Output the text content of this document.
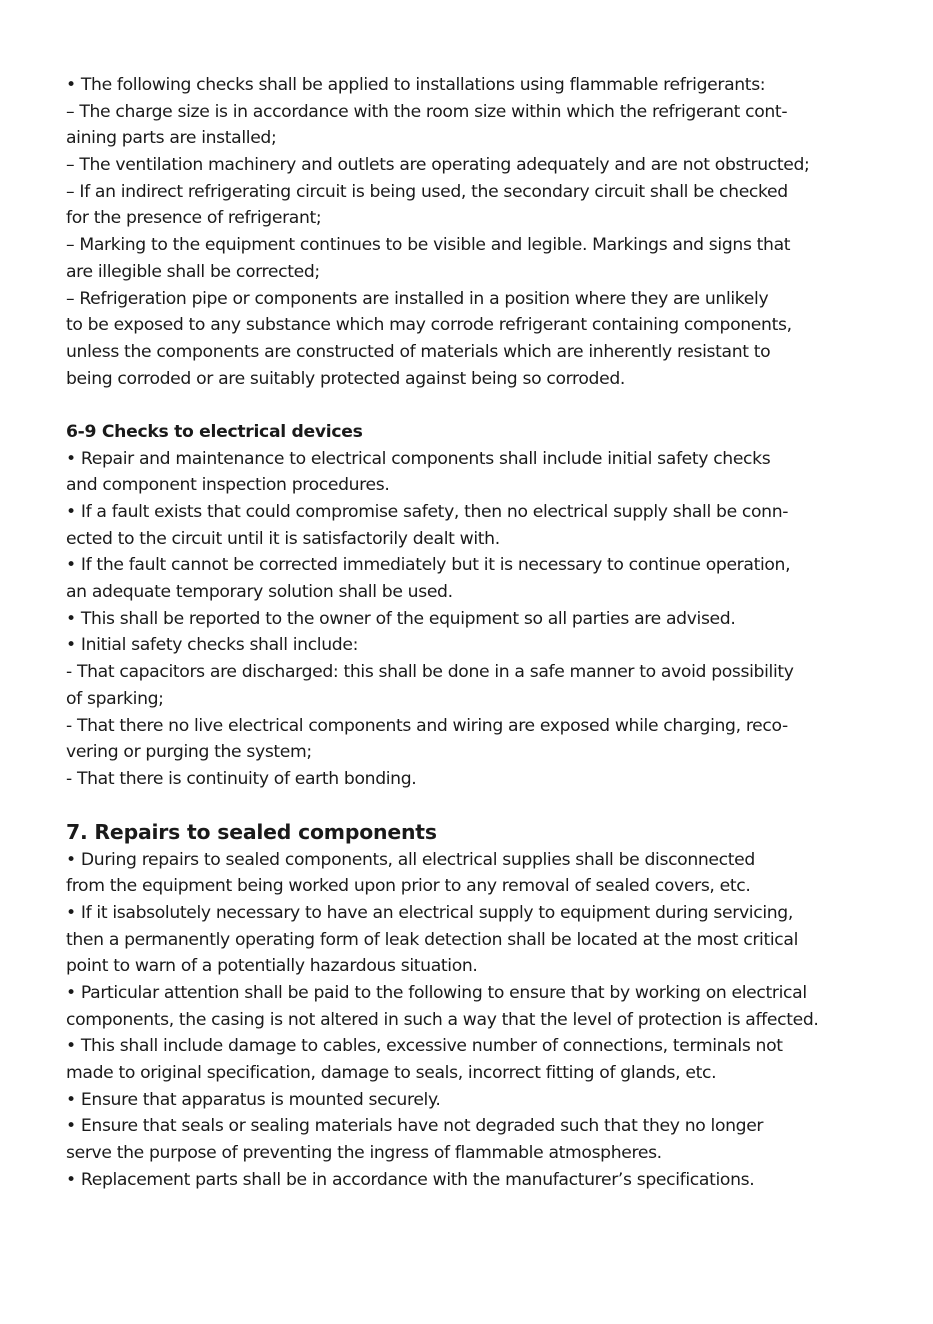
• The following checks shall be applied to installations using flammable refrigerants:
– The charge size is in accordance with the room size within which the refrigerant cont-
aining parts are installed;
– The ventilation machinery and outlets are operating adequately and are not obstructed;
– If an indirect refrigerating circuit is being used, the secondary circuit shall be checked
for the presence of refrigerant;
– Marking to the equipment continues to be visible and legible. Markings and signs that
are illegible shall be corrected;
– Refrigeration pipe or components are installed in a position where they are unlikely
to be exposed to any substance which may corrode refrigerant containing components,
unless the components are constructed of materials which are inherently resistant to
being corroded or are suitably protected against being so corroded.
6-9 Checks to electrical devices
• Repair and maintenance to electrical components shall include initial safety checks
and component inspection procedures.
• If a fault exists that could compromise safety, then no electrical supply shall be conn-
ected to the circuit until it is satisfactorily dealt with.
• If the fault cannot be corrected immediately but it is necessary to continue operation,
an adequate temporary solution shall be used.
• This shall be reported to the owner of the equipment so all parties are advised.
• Initial safety checks shall include:
- That capacitors are discharged: this shall be done in a safe manner to avoid possibility
of sparking;
- That there no live electrical components and wiring are exposed while charging, reco-
vering or purging the system;
- That there is continuity of earth bonding.
7. Repairs to sealed components
• During repairs to sealed components, all electrical supplies shall be disconnected
from the equipment being worked upon prior to any removal of sealed covers, etc.
• If it isabsolutely necessary to have an electrical supply to equipment during servicing,
then a permanently operating form of leak detection shall be located at the most critical
point to warn of a potentially hazardous situation.
• Particular attention shall be paid to the following to ensure that by working on electrical
components, the casing is not altered in such a way that the level of protection is affected.
• This shall include damage to cables, excessive number of connections, terminals not
made to original specification, damage to seals, incorrect fitting of glands, etc.
• Ensure that apparatus is mounted securely.
• Ensure that seals or sealing materials have not degraded such that they no longer
serve the purpose of preventing the ingress of flammable atmospheres.
• Replacement parts shall be in accordance with the manufacturer’s specifications.
